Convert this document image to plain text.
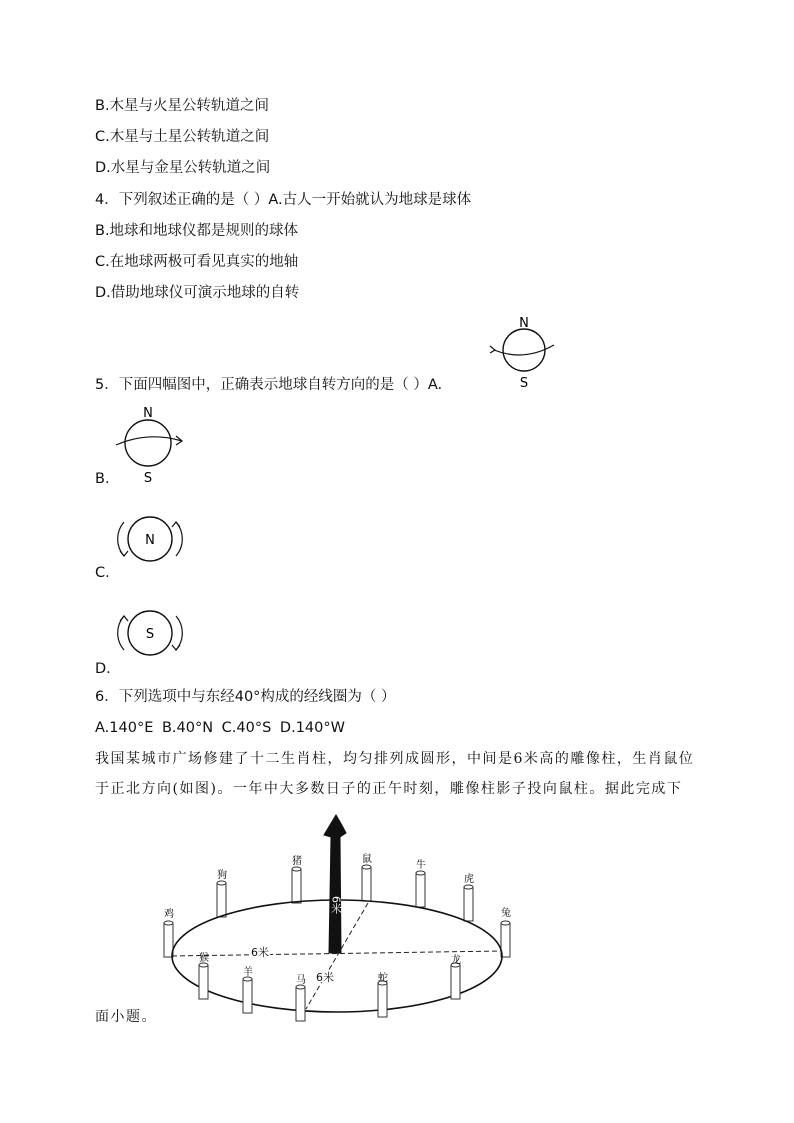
B.木星与火星公转轨道之间
C.木星与土星公转轨道之间
D.水星与金星公转轨道之间
4．下列叙述正确的是（ ）A.古人一开始就认为地球是球体
B.地球和地球仪都是规则的球体
C.在地球两极可看见真实的地轴
D.借助地球仪可演示地球的自转
5．下面四幅图中，正确表示地球自转方向的是（ ）A.
N
S
N
S
B.
N
C.
S
D.
6．下列选项中与东经40°构成的经线圈为（ ）
A.140°E B.40°N C.40°S D.140°W
我国某城市广场修建了十二生肖柱，均匀排列成圆形，中间是6米高的雕像柱，生肖鼠位
于正北方向(如图)。一年中大多数日子的正午时刻，雕像柱影子投向鼠柱。据此完成下
6米
6米
6米
鼠
牛
虎
兔
龙
蛇
马
羊
猴
鸡
狗
猪
面小题。
